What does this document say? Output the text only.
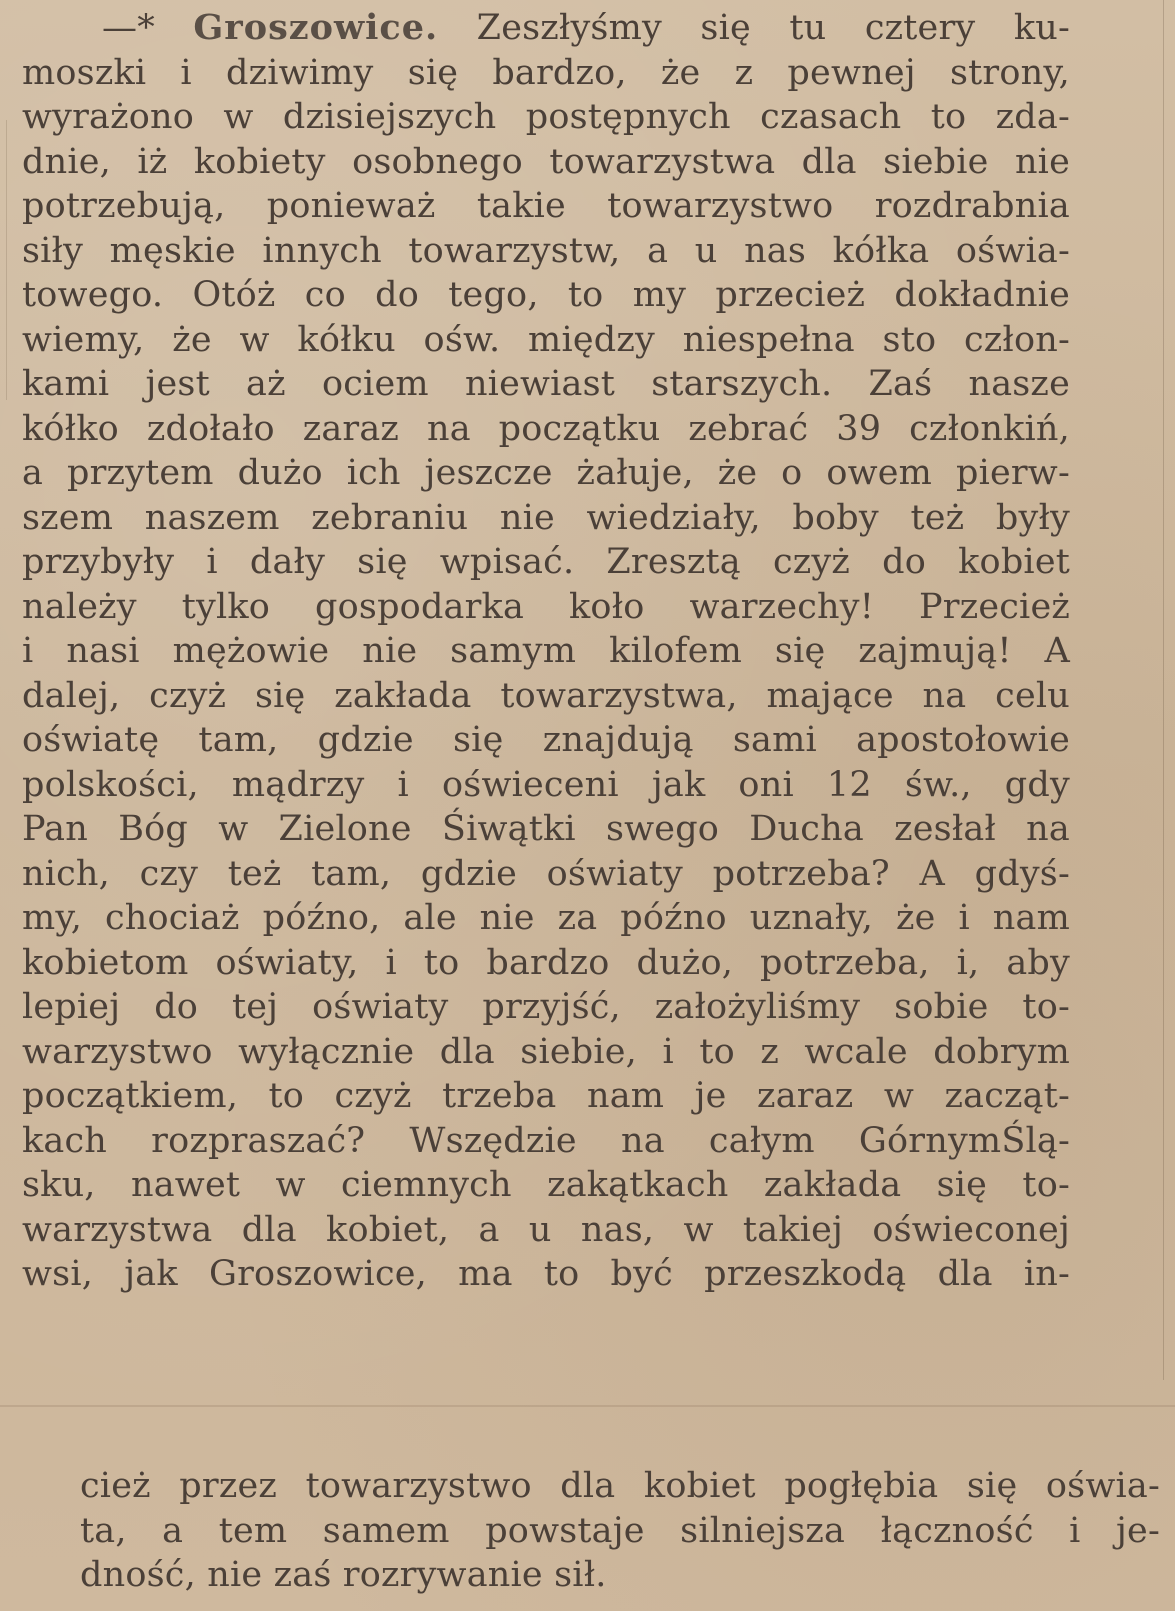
—* Groszowice. Zeszłyśmy się tu cztery ku-
moszki i dziwimy się bardzo, że z pewnej strony,
wyrażono w dzisiejszych postępnych czasach to zda-
dnie, iż kobiety osobnego towarzystwa dla siebie nie
potrzebują, ponieważ takie towarzystwo rozdrabnia
siły męskie innych towarzystw, a u nas kółka oświa-
towego. Otóż co do tego, to my przecież dokładnie
wiemy, że w kółku ośw. między niespełna sto człon-
kami jest aż ociem niewiast starszych. Zaś nasze
kółko zdołało zaraz na początku zebrać 39 członkiń,
a przytem dużo ich jeszcze żałuje, że o owem pierw-
szem naszem zebraniu nie wiedziały, boby też były
przybyły i dały się wpisać. Zresztą czyż do kobiet
należy tylko gospodarka koło warzechy! Przecież
i nasi mężowie nie samym kilofem się zajmują! A
dalej, czyż się zakłada towarzystwa, mające na celu
oświatę tam, gdzie się znajdują sami apostołowie
polskości, mądrzy i oświeceni jak oni 12 św., gdy
Pan Bóg w Zielone Śiwątki swego Ducha zesłał na
nich, czy też tam, gdzie oświaty potrzeba? A gdyś-
my, chociaż późno, ale nie za późno uznały, że i nam
kobietom oświaty, i to bardzo dużo, potrzeba, i, aby
lepiej do tej oświaty przyjść, założyliśmy sobie to-
warzystwo wyłącznie dla siebie, i to z wcale dobrym
początkiem, to czyż trzeba nam je zaraz w zacząt-
kach rozpraszać? Wszędzie na całym GórnymŚlą-
sku, nawet w ciemnych zakątkach zakłada się to-
warzystwa dla kobiet, a u nas, w takiej oświeconej
wsi, jak Groszowice, ma to być przeszkodą dla in-
cież przez towarzystwo dla kobiet pogłębia się oświa-
ta, a tem samem powstaje silniejsza łączność i je-
dność, nie zaś rozrywanie sił.
